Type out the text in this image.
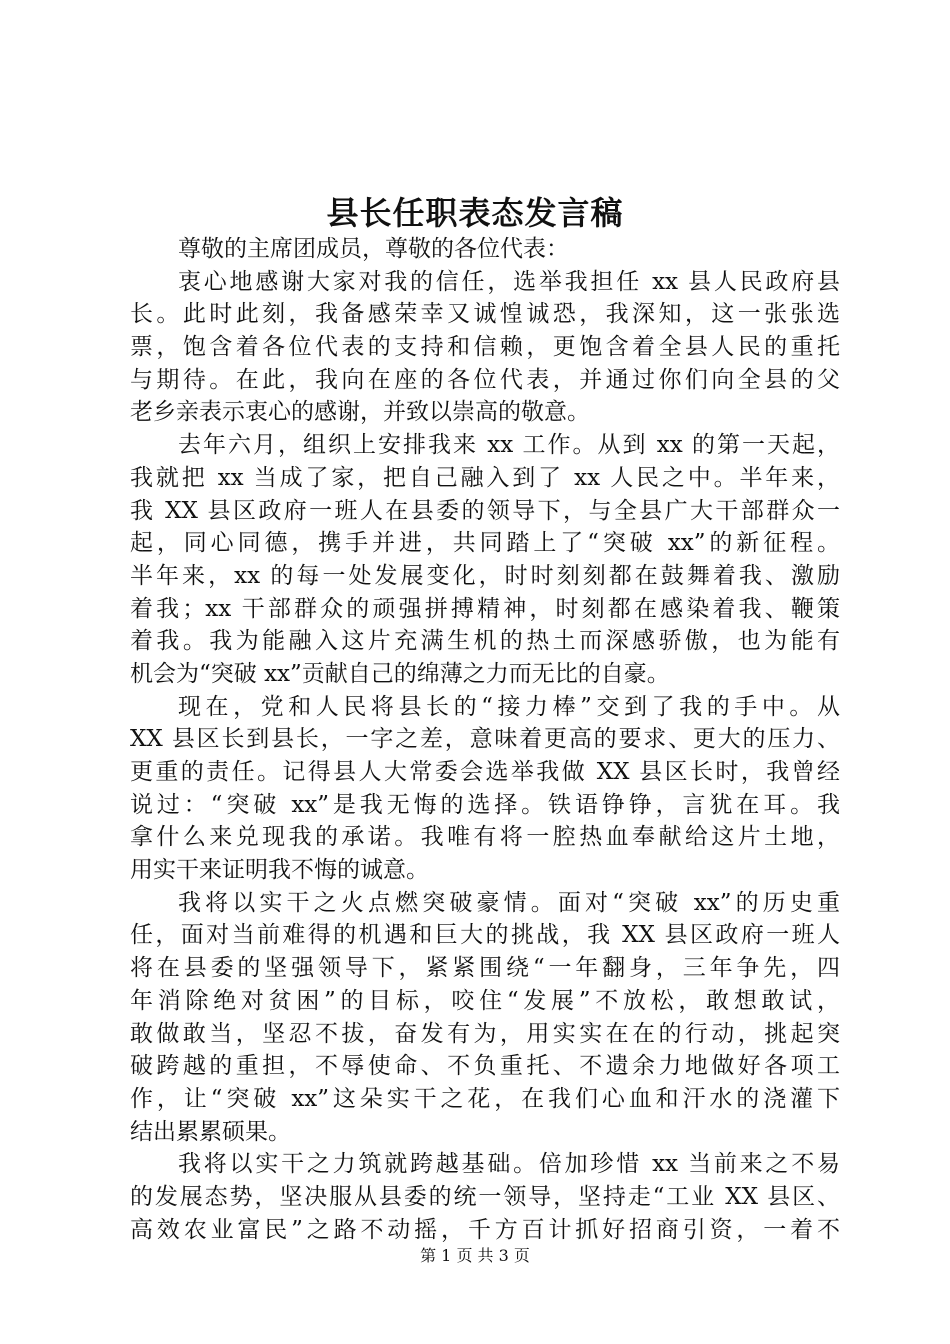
县长任职表态发言稿
尊敬的主席团成员，尊敬的各位代表：
衷心地感谢大家对我的信任，选举我担任 xx 县人民政府县
长。此时此刻，我备感荣幸又诚惶诚恐，我深知，这一张张选
票，饱含着各位代表的支持和信赖，更饱含着全县人民的重托
与期待。在此，我向在座的各位代表，并通过你们向全县的父
老乡亲表示衷心的感谢，并致以崇高的敬意。
去年六月，组织上安排我来 xx 工作。从到 xx 的第一天起，
我就把 xx 当成了家，把自己融入到了 xx 人民之中。半年来，
我 XX 县区政府一班人在县委的领导下，与全县广大干部群众一
起，同心同德，携手并进，共同踏上了“突破 xx”的新征程。
半年来，xx 的每一处发展变化，时时刻刻都在鼓舞着我、激励
着我；xx 干部群众的顽强拼搏精神，时刻都在感染着我、鞭策
着我。我为能融入这片充满生机的热土而深感骄傲，也为能有
机会为“突破 xx”贡献自己的绵薄之力而无比的自豪。
现在，党和人民将县长的“接力棒”交到了我的手中。从
XX 县区长到县长，一字之差，意味着更高的要求、更大的压力、
更重的责任。记得县人大常委会选举我做 XX 县区长时，我曾经
说过：“突破 xx”是我无悔的选择。铁语铮铮，言犹在耳。我
拿什么来兑现我的承诺。我唯有将一腔热血奉献给这片土地，
用实干来证明我不悔的诚意。
我将以实干之火点燃突破豪情。面对“突破 xx”的历史重
任，面对当前难得的机遇和巨大的挑战，我 XX 县区政府一班人
将在县委的坚强领导下，紧紧围绕“一年翻身，三年争先，四
年消除绝对贫困”的目标，咬住“发展”不放松，敢想敢试，
敢做敢当，坚忍不拔，奋发有为，用实实在在的行动，挑起突
破跨越的重担，不辱使命、不负重托、不遗余力地做好各项工
作，让“突破 xx”这朵实干之花，在我们心血和汗水的浇灌下
结出累累硕果。
我将以实干之力筑就跨越基础。倍加珍惜 xx 当前来之不易
的发展态势，坚决服从县委的统一领导，坚持走“工业 XX 县区、
高效农业富民”之路不动摇，千方百计抓好招商引资，一着不
第 1 页 共 3 页
